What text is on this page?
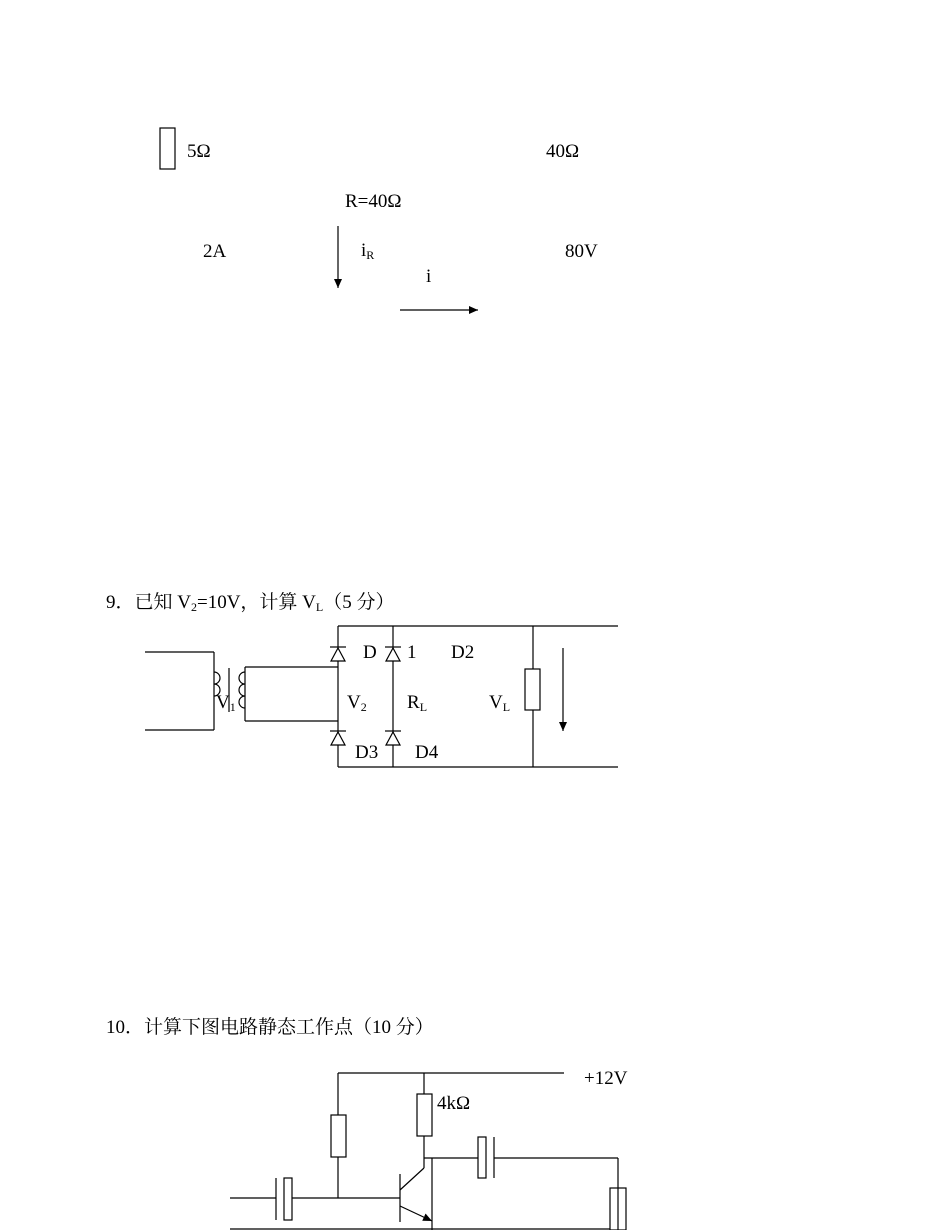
5Ω	40Ω
R=40Ω
2A	iR	80V
i
9．已知 V2=10V，计算 VL（5 分）
D 1 D2
V1	V2 RL	VL
D3 D4
10．计算下图电路静态工作点（10 分）
+12V
4kΩ
